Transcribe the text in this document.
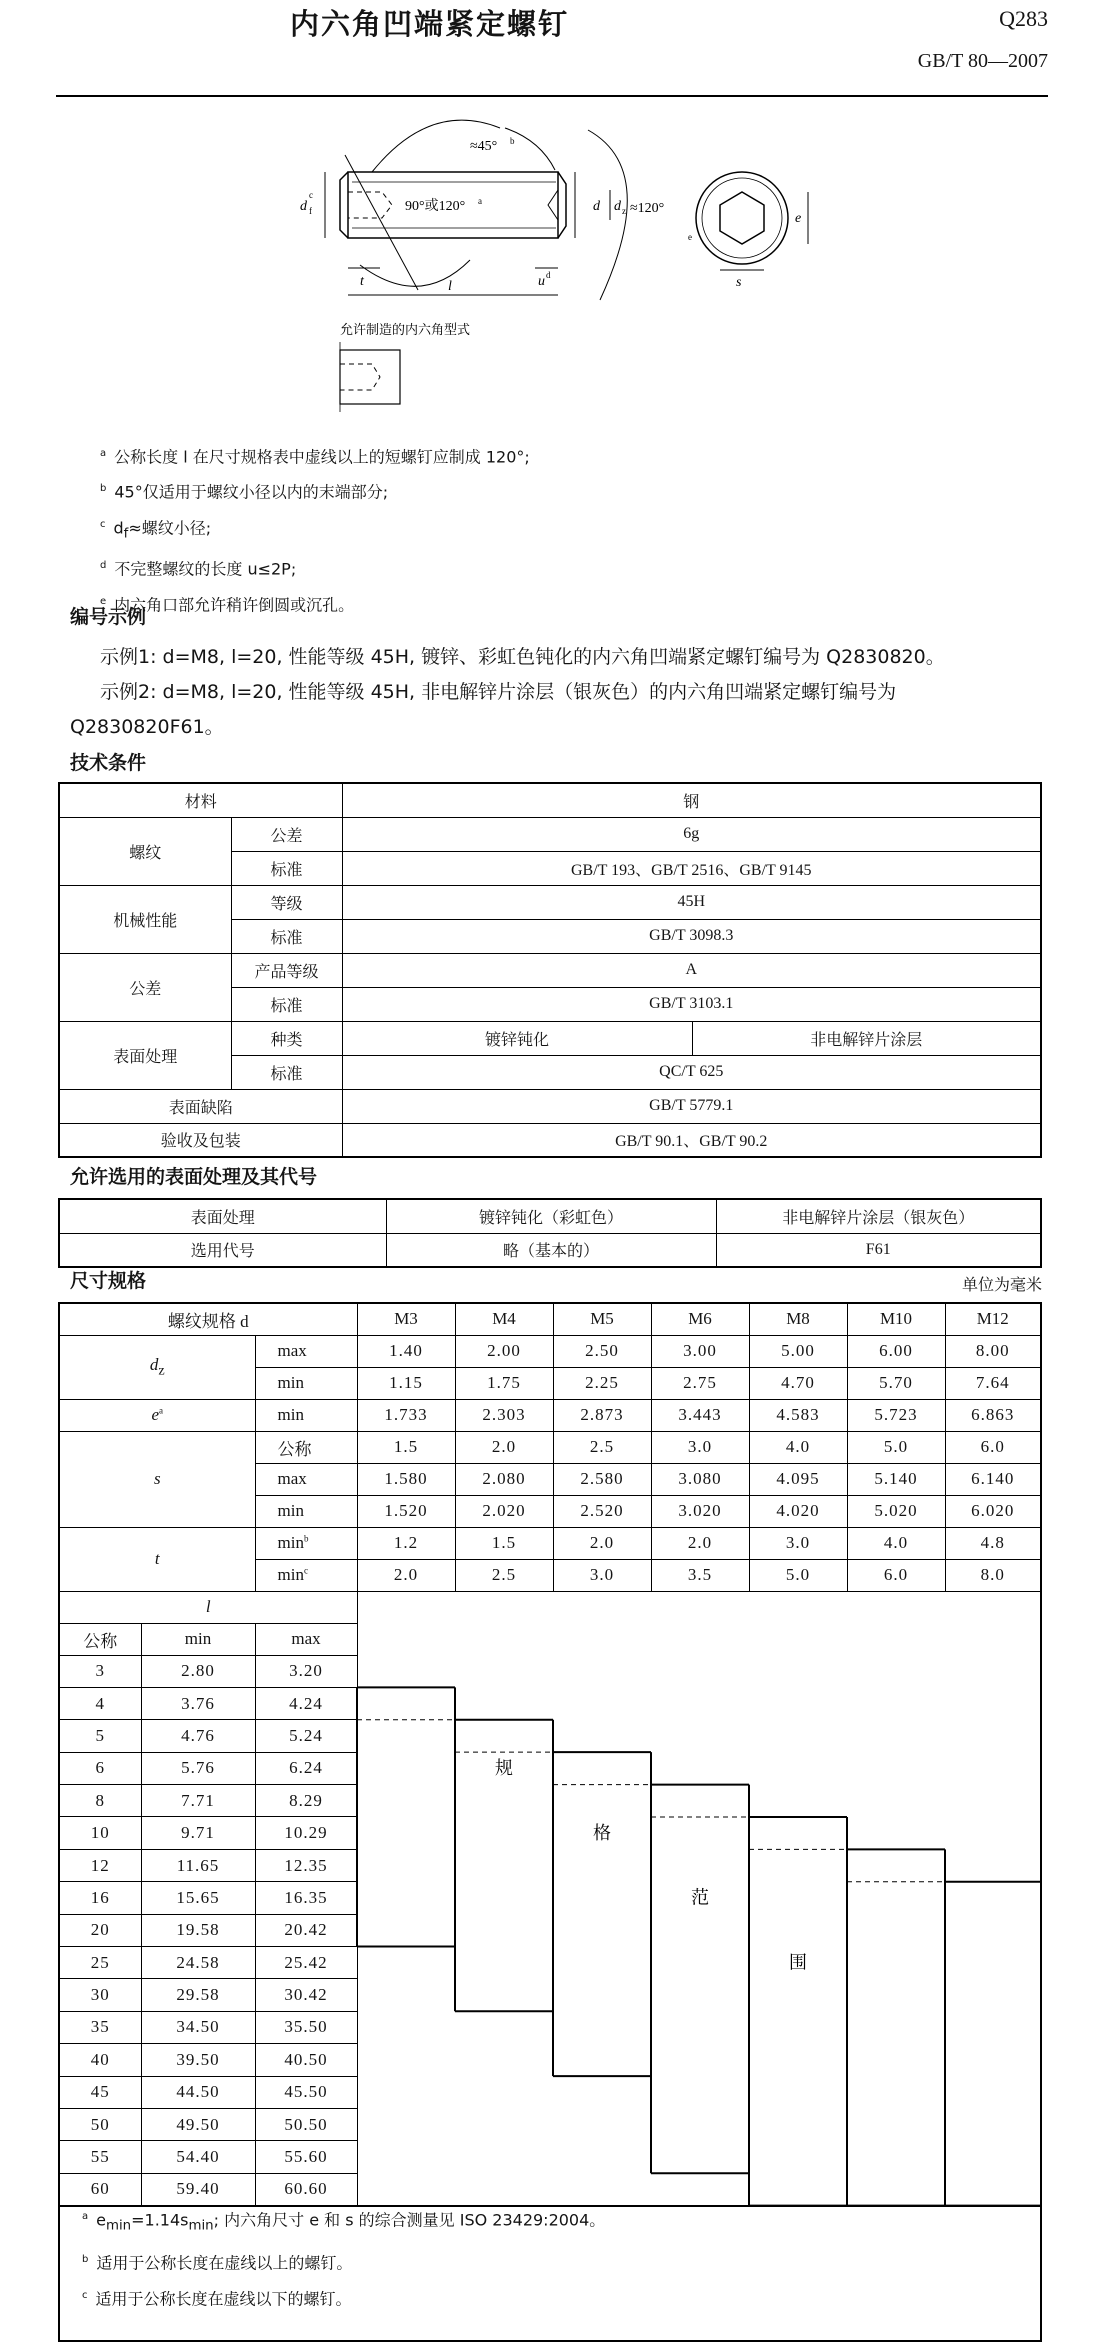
内六角凹端紧定螺钉	Q283
GB/T 80—2007
≈45° b
90°或120° a	≈120°
d f
c
d d z
t	l	u d	s
e
e
允许制造的内六角型式
$^a$ 公称长度 l 在尺寸规格表中虚线以上的短螺钉应制成 120°;
$^b$ 45°仅适用于螺纹小径以内的末端部分;
$^c$ $d_f\approx$螺纹小径;
$^d$ 不完整螺纹的长度 u≤2P;
$^e$ 内六角口部允许稍许倒圆或沉孔。
编号示例

示例1: d=M8, l=20, 性能等级 45H, 镀锌、彩虹色钝化的内六角凹端紧定螺钉编号为 Q2830820。

示例2: d=M8, l=20, 性能等级 45H, 非电解锌片涂层（银灰色）的内六角凹端紧定螺钉编号为

Q2830820F61。

技术条件
材料		钢	
螺纹	公差	6g	
	标准	GB/T 193、GB/T 2516、GB/T 9145	
机械性能	等级	45H	
	标准	GB/T 3098.3	
公差	产品等级	A	
	标准	GB/T 3103.1	
表面处理	种类	镀锌钝化	非电解锌片涂层
	标准	QC/T 625	
表面缺陷		GB/T 5779.1	
验收及包装		GB/T 90.1、GB/T 90.2	
允许选用的表面处理及其代号
表面处理	镀锌钝化（彩虹色）	非电解锌片涂层（银灰色）
选用代号	略（基本的）	F61
尺寸规格	单位为毫米
螺纹规格 d			M3	M4	M5	M6	M8	M10	M12
$d_z$		max	1.40	2.00	2.50	3.00	5.00	6.00	8.00
		min	1.15	1.75	2.25	2.75	4.70	5.70	7.64
$e^a$		min	1.733	2.303	2.873	3.443	4.583	5.723	6.863
s		公称	1.5	2.0	2.5	3.0	4.0	5.0	6.0
		max	1.580	2.080	2.580	3.080	4.095	5.140	6.140
		min	1.520	2.020	2.520	3.020	4.020	5.020	6.020
t		$\min^b$	1.2	1.5	2.0	2.0	3.0	4.0	4.8
		$\min^c$	2.0	2.5	3.0	3.5	5.0	6.0	8.0
l									
公称	min	max							
3	2.80	3.20							
4	3.76	4.24							
5	4.76	5.24							
6	5.76	6.24							
8	7.71	8.29							
10	9.71	10.29							
12	11.65	12.35							
16	15.65	16.35							
20	19.58	20.42							
25	24.58	25.42							
30	29.58	30.42							
35	34.50	35.50							
40	39.50	40.50							
45	44.50	45.50							
50	49.50	50.50							
55	54.40	55.60							
60	59.40	60.60							
规
格
范
围
$^a$ $e_{min}=1.14s_{min}$; 内六角尺寸 e 和 s 的综合测量见 ISO 23429:2004。
$^b$ 适用于公称长度在虚线以上的螺钉。
$^c$ 适用于公称长度在虚线以下的螺钉。
